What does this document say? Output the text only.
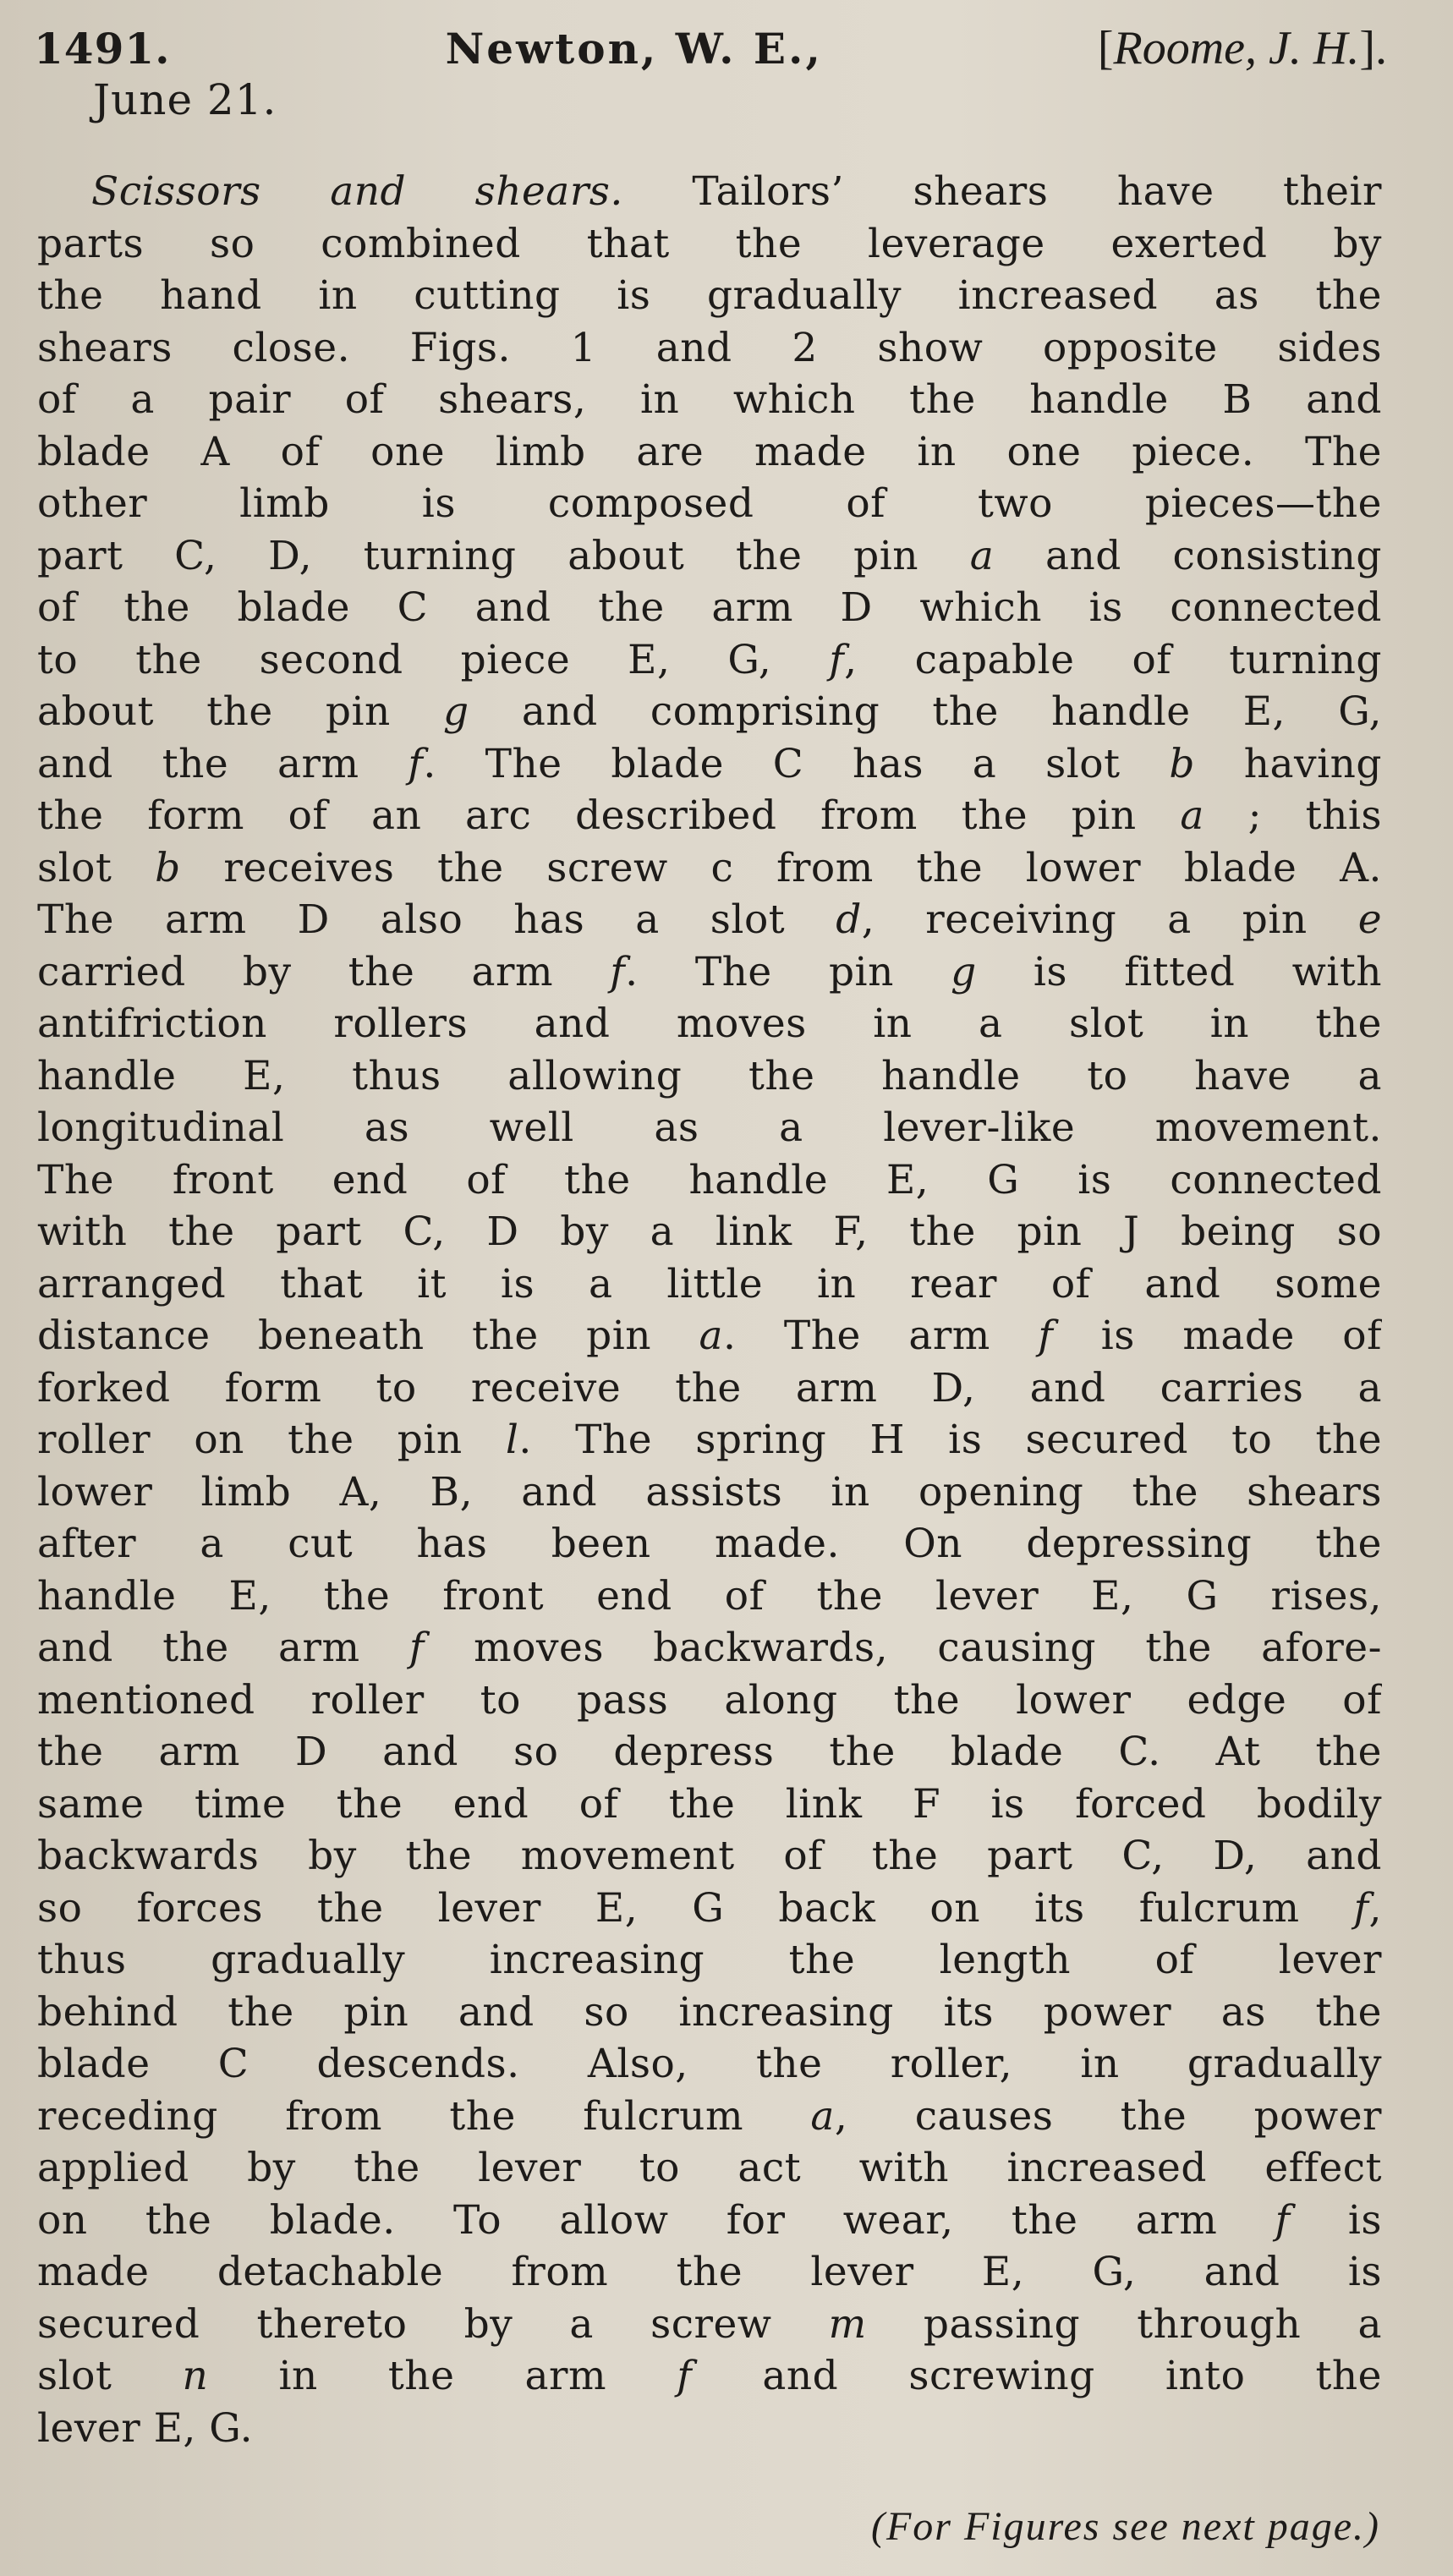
1491.	Newton, W. E.,	[Roome, J. H.].
June 21.
Scissors and shears. Tailors’ shears have their
parts so combined that the leverage exerted by
the hand in cutting is gradually increased as the
shears close. Figs. 1 and 2 show opposite sides
of a pair of shears, in which the handle B and
blade A of one limb are made in one piece. The
other limb is composed of two pieces—the
part C, D, turning about the pin a and consisting
of the blade C and the arm D which is connected
to the second piece E, G, f, capable of turning
about the pin g and comprising the handle E, G,
and the arm f. The blade C has a slot b having
the form of an arc described from the pin a ; this
slot b receives the screw c from the lower blade A.
The arm D also has a slot d, receiving a pin e
carried by the arm f. The pin g is fitted with
antifriction rollers and moves in a slot in the
handle E, thus allowing the handle to have a
longitudinal as well as a lever-like movement.
The front end of the handle E, G is connected
with the part C, D by a link F, the pin J being so
arranged that it is a little in rear of and some
distance beneath the pin a. The arm f is made of
forked form to receive the arm D, and carries a
roller on the pin l. The spring H is secured to the
lower limb A, B, and assists in opening the shears
after a cut has been made. On depressing the
handle E, the front end of the lever E, G rises,
and the arm f moves backwards, causing the afore-
mentioned roller to pass along the lower edge of
the arm D and so depress the blade C. At the
same time the end of the link F is forced bodily
backwards by the movement of the part C, D, and
so forces the lever E, G back on its fulcrum f,
thus gradually increasing the length of lever
behind the pin and so increasing its power as the
blade C descends. Also, the roller, in gradually
receding from the fulcrum a, causes the power
applied by the lever to act with increased effect
on the blade. To allow for wear, the arm f is
made detachable from the lever E, G, and is
secured thereto by a screw m passing through a
slot n in the arm f and screwing into the
lever E, G.
(For Figures see next page.)
